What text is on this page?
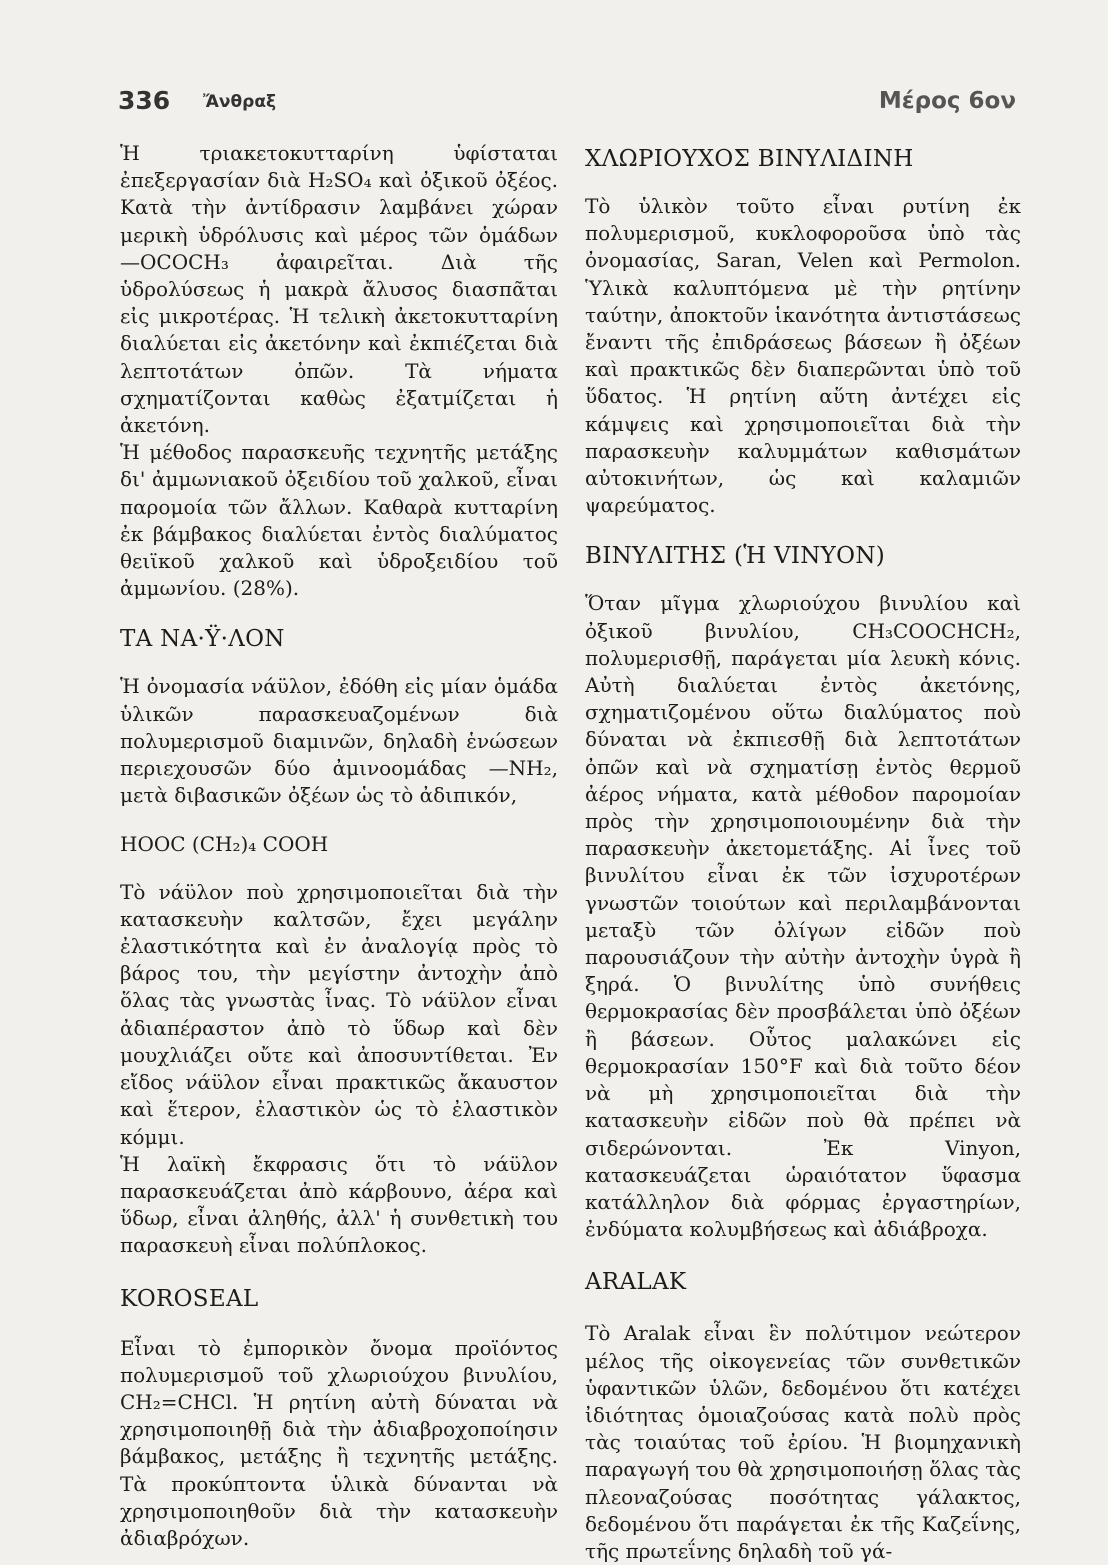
336 Ἄνθραξ	Μέρος 6ον

Ἡ τριακετοκυτταρίνη ὑφίσταται ἐπεξεργασίαν διὰ H₂SO₄ καὶ ὀξικοῦ ὀξέος. Κατὰ τὴν ἀντίδρασιν λαμβάνει χώραν μερικὴ ὑδρόλυσις καὶ μέρος τῶν ὁμάδων —OCOCH₃ ἀφαιρεῖται. Διὰ τῆς ὑδρολύσεως ἡ μακρὰ ἄλυσος διασπᾶται εἰς μικροτέρας. Ἡ τελικὴ ἀκετοκυτταρίνη διαλύεται εἰς ἀκετόνην καὶ ἐκπιέζεται διὰ λεπτοτάτων ὀπῶν. Τὰ νήματα σχηματίζονται καθὼς ἐξατμίζεται ἡ ἀκετόνη.

Ἡ μέθοδος παρασκευῆς τεχνητῆς μετάξης δι' ἀμμωνιακοῦ ὀξειδίου τοῦ χαλκοῦ, εἶναι παρομοία τῶν ἄλλων. Καθαρὰ κυτταρίνη ἐκ βάμβακος διαλύεται ἐντὸς διαλύματος θειϊκοῦ χαλκοῦ καὶ ὑδροξειδίου τοῦ ἀμμωνίου. (28%).

ΤΑ ΝΑ·Ϋ·ΛΟΝ

Ἡ ὀνομασία νάϋλον, ἐδόθη εἰς μίαν ὁμάδα ὑλικῶν παρασκευαζομένων διὰ πολυμερισμοῦ διαμινῶν, δηλαδὴ ἑνώσεων περιεχουσῶν δύο ἀμινοομάδας —NH₂, μετὰ διβασικῶν ὀξέων ὡς τὸ ἀδιπικόν,

HOOC (CH₂)₄ COOH

Τὸ νάϋλον ποὺ χρησιμοποιεῖται διὰ τὴν κατασκευὴν καλτσῶν, ἔχει μεγάλην ἐλαστικότητα καὶ ἐν ἀναλογίᾳ πρὸς τὸ βάρος του, τὴν μεγίστην ἀντοχὴν ἀπὸ ὅλας τὰς γνωστὰς ἶνας. Τὸ νάϋλον εἶναι ἀδιαπέραστον ἀπὸ τὸ ὕδωρ καὶ δὲν μουχλιάζει οὔτε καὶ ἀποσυντίθεται. Ἐν εἴδος νάϋλον εἶναι πρακτικῶς ἄκαυστον καὶ ἕτερον, ἐλαστικὸν ὡς τὸ ἐλαστικὸν κόμμι.

Ἡ λαϊκὴ ἔκφρασις ὅτι τὸ νάϋλον παρασκευάζεται ἀπὸ κάρβουνο, ἀέρα καὶ ὕδωρ, εἶναι ἀληθής, ἀλλ' ἡ συνθετικὴ του παρασκευὴ εἶναι πολύπλοκος.

KOROSEAL

Εἶναι τὸ ἐμπορικὸν ὄνομα προϊόντος πολυμερισμοῦ τοῦ χλωριούχου βινυλίου, CH₂=CHCl. Ἡ ρητίνη αὐτὴ δύναται νὰ χρησιμοποιηθῇ διὰ τὴν ἀδιαβροχοποίησιν βάμβακος, μετάξης ἢ τεχνητῆς μετάξης. Τὰ προκύπτοντα ὑλικὰ δύνανται νὰ χρησιμοποιηθοῦν διὰ τὴν κατασκευὴν ἀδιαβρόχων.

ΧΛΩΡΙΟΥΧΟΣ ΒΙΝΥΛΙΔΙΝΗ

Τὸ ὑλικὸν τοῦτο εἶναι ρυτίνη ἐκ πολυμερισμοῦ, κυκλοφοροῦσα ὑπὸ τὰς ὀνομασίας, Saran, Velen καὶ Permolon. Ὑλικὰ καλυπτόμενα μὲ τὴν ρητίνην ταύτην, ἀποκτοῦν ἱκανότητα ἀντιστάσεως ἔναντι τῆς ἐπιδράσεως βάσεων ἢ ὀξέων καὶ πρακτικῶς δὲν διαπερῶνται ὑπὸ τοῦ ὕδατος. Ἡ ρητίνη αὕτη ἀντέχει εἰς κάμψεις καὶ χρησιμοποιεῖται διὰ τὴν παρασκευὴν καλυμμάτων καθισμάτων αὐτοκινήτων, ὡς καὶ καλαμιῶν ψαρεύματος.

ΒΙΝΥΛΙΤΗΣ (Ἡ VINYON)

Ὅταν μῖγμα χλωριούχου βινυλίου καὶ ὀξικοῦ βινυλίου, CH₃COOCHCH₂, πολυμερισθῇ, παράγεται μία λευκὴ κόνις. Αὐτὴ διαλύεται ἐντὸς ἀκετόνης, σχηματιζομένου οὕτω διαλύματος ποὺ δύναται νὰ ἐκπιεσθῇ διὰ λεπτοτάτων ὀπῶν καὶ νὰ σχηματίσῃ ἐντὸς θερμοῦ ἀέρος νήματα, κατὰ μέθοδον παρομοίαν πρὸς τὴν χρησιμοποιουμένην διὰ τὴν παρασκευὴν ἀκετομετάξης. Αἱ ἶνες τοῦ βινυλίτου εἶναι ἐκ τῶν ἰσχυροτέρων γνωστῶν τοιούτων καὶ περιλαμβάνονται μεταξὺ τῶν ὀλίγων εἰδῶν ποὺ παρουσιάζουν τὴν αὐτὴν ἀντοχὴν ὑγρὰ ἢ ξηρά. Ὁ βινυλίτης ὑπὸ συνήθεις θερμοκρασίας δὲν προσβάλεται ὑπὸ ὀξέων ἢ βάσεων. Οὗτος μαλακώνει εἰς θερμοκρασίαν 150°F καὶ διὰ τοῦτο δέον νὰ μὴ χρησιμοποιεῖται διὰ τὴν κατασκευὴν εἰδῶν ποὺ θὰ πρέπει νὰ σιδερώνονται. Ἐκ Vinyon, κατασκευάζεται ὡραιότατον ὕφασμα κατάλληλον διὰ φόρμας ἐργαστηρίων, ἐνδύματα κολυμβήσεως καὶ ἀδιάβροχα.

ARALAK

Τὸ Aralak εἶναι ἓν πολύτιμον νεώτερον μέλος τῆς οἰκογενείας τῶν συνθετικῶν ὑφαντικῶν ὑλῶν, δεδομένου ὅτι κατέχει ἰδιότητας ὁμοιαζούσας κατὰ πολὺ πρὸς τὰς τοιαύτας τοῦ ἐρίου. Ἡ βιομηχανικὴ παραγωγή του θὰ χρησιμοποιήσῃ ὅλας τὰς πλεοναζούσας ποσότητας γάλακτος, δεδομένου ὅτι παράγεται ἐκ τῆς Καζεΐνης, τῆς πρωτεΐνης δηλαδὴ τοῦ γά-
